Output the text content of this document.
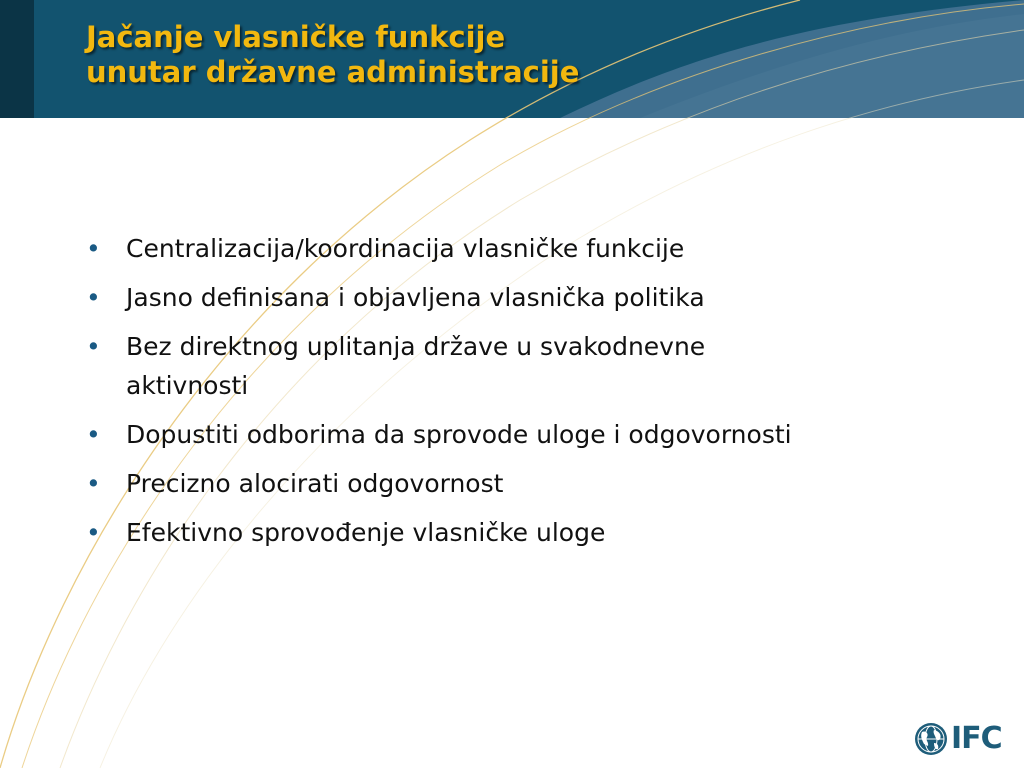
Jačanje vlasničke funkcije
unutar državne administracije
• Centralizacija/koordinacija vlasničke funkcije
• Jasno definisana i objavljena vlasnička politika
• Bez direktnog uplitanja države u svakodnevne aktivnosti
• Dopustiti odborima da sprovode uloge i odgovornosti
• Precizno alocirati odgovornost
• Efektivno sprovođenje vlasničke uloge
IFC
